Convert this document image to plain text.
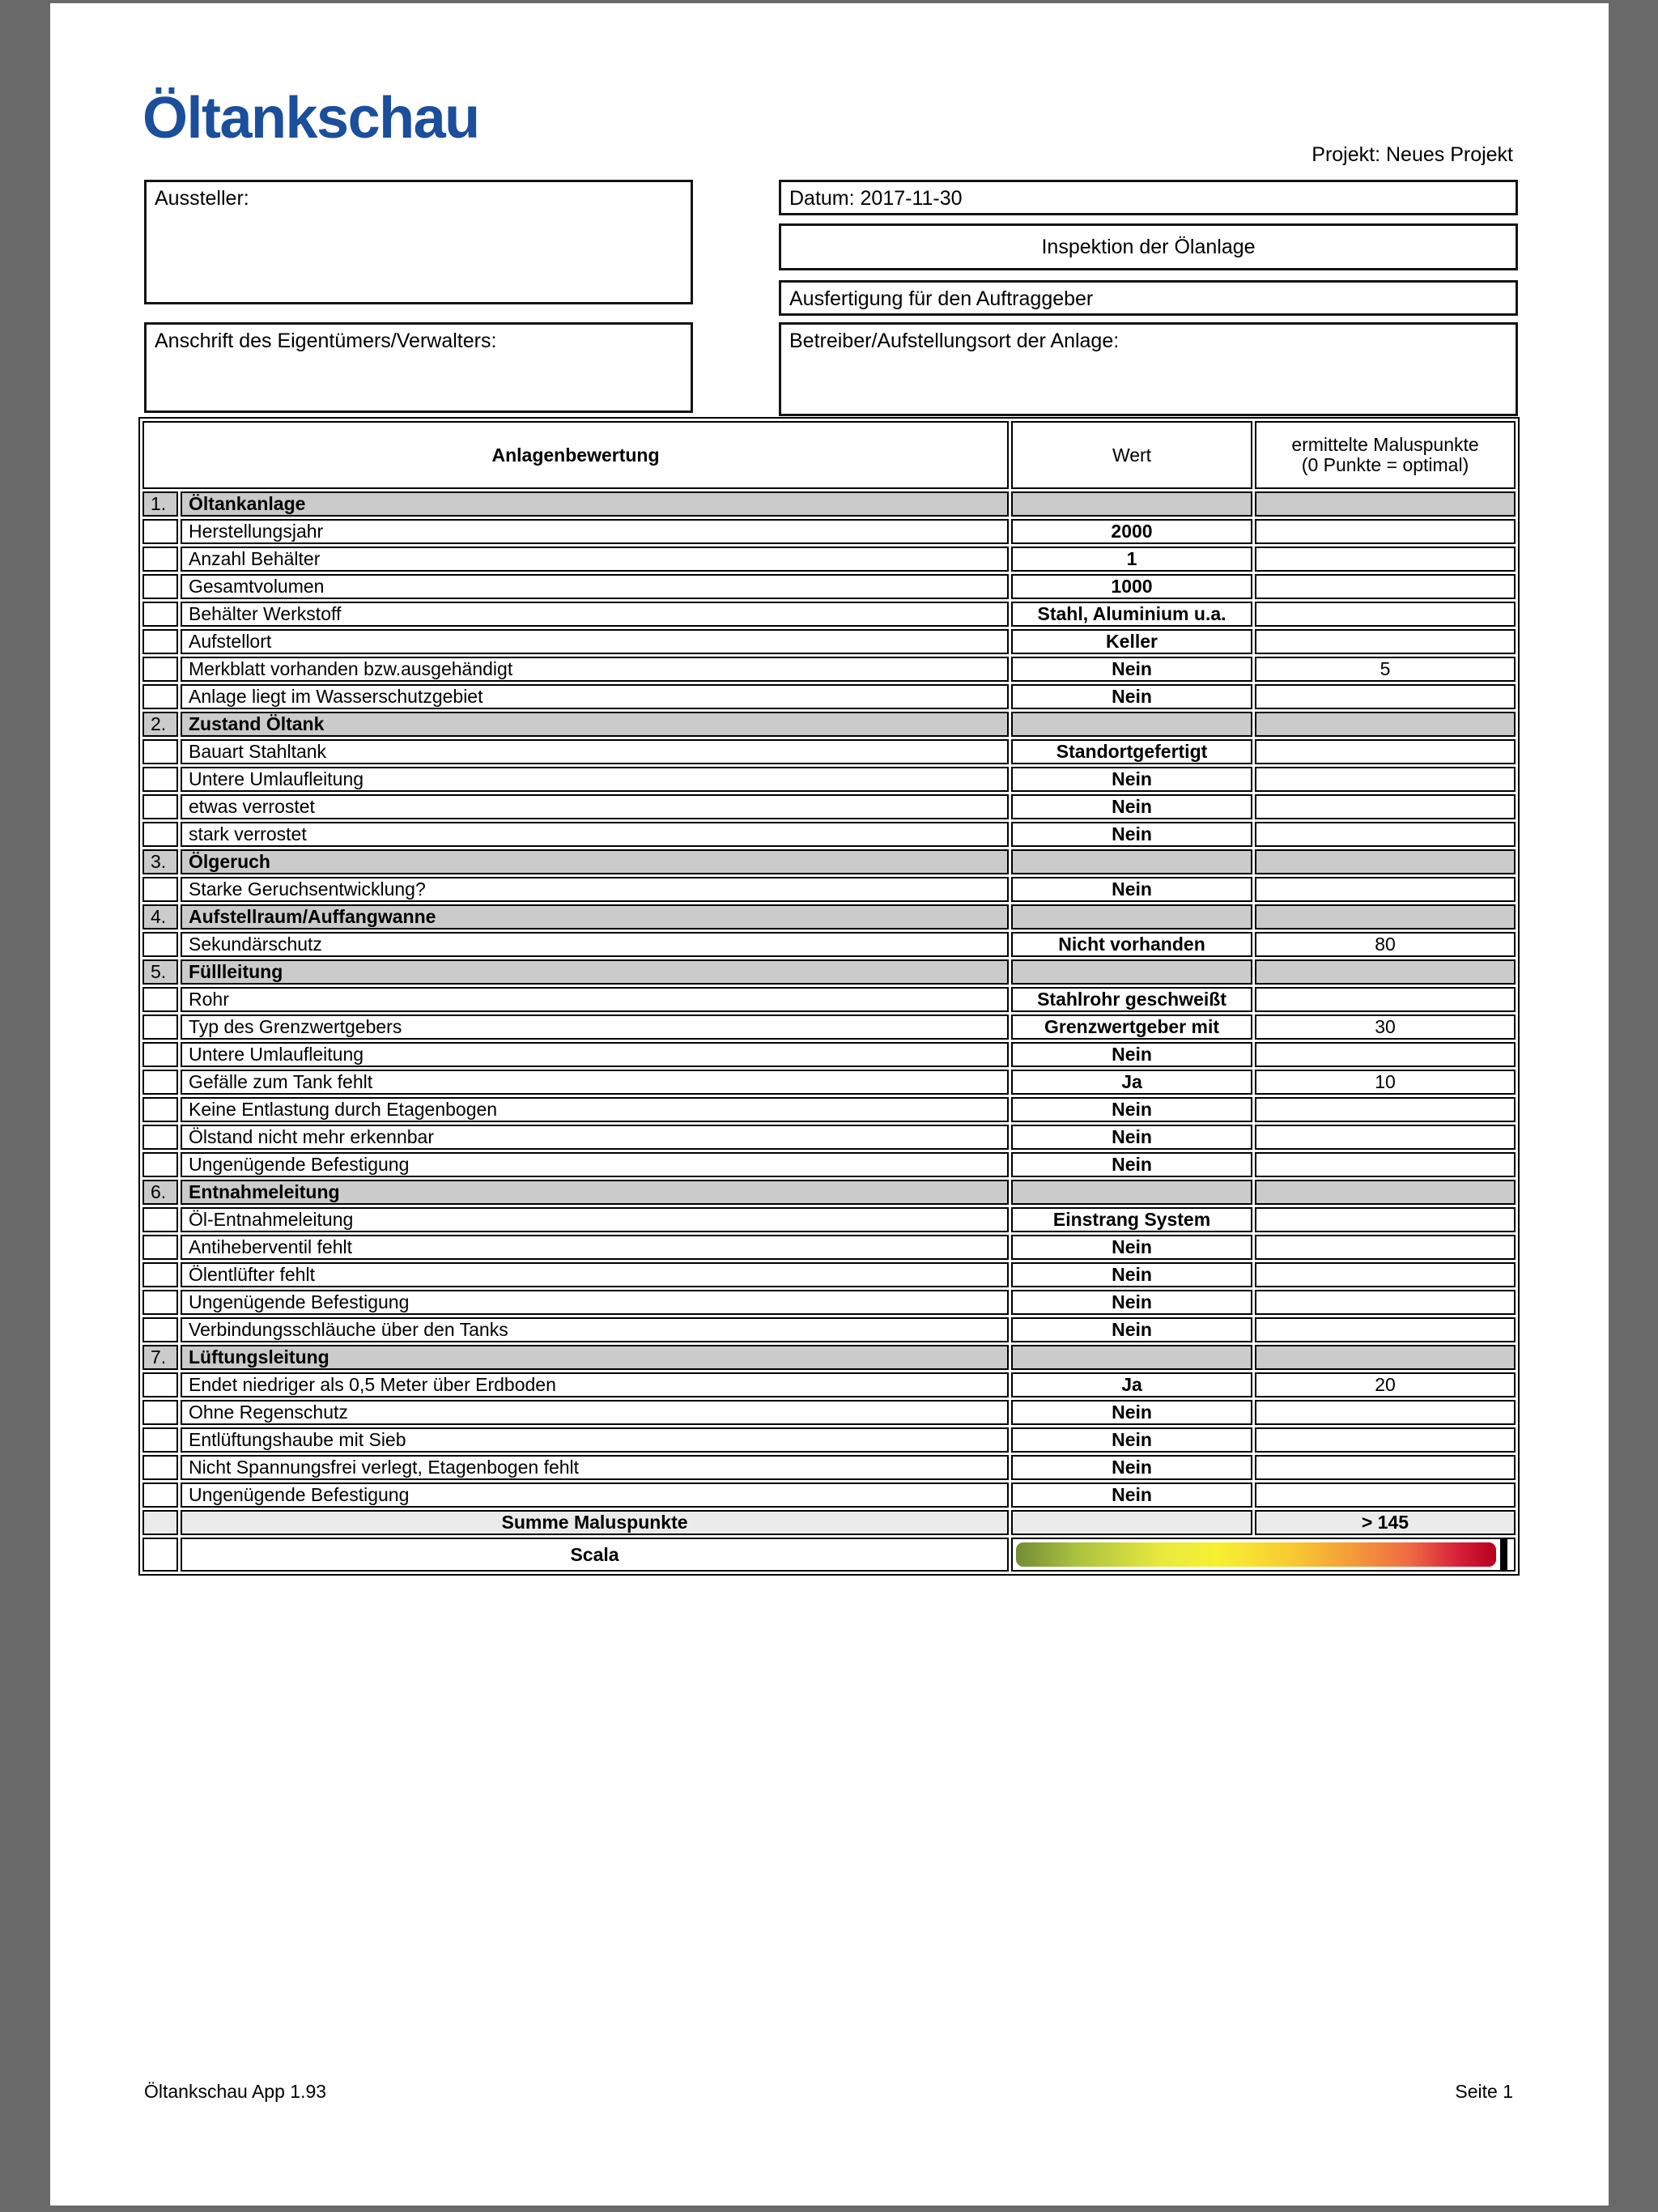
Öltankschau
Projekt: Neues Projekt
Aussteller:	Datum: 2017-11-30
Inspektion der Ölanlage
Ausfertigung für den Auftraggeber
Anschrift des Eigentümers/Verwalters:	Betreiber/Aufstellungsort der Anlage:
Anlagenbewertung		Wert	ermittelte Maluspunkte
(0 Punkte = optimal)

1.	Öltankanlage		
	Herstellungsjahr	2000	
	Anzahl Behälter	1	
	Gesamtvolumen	1000	
	Behälter Werkstoff	Stahl, Aluminium u.a.	
	Aufstellort	Keller	
	Merkblatt vorhanden bzw.ausgehändigt	Nein	5
	Anlage liegt im Wasserschutzgebiet	Nein	
2.	Zustand Öltank		
	Bauart Stahltank	Standortgefertigt	
	Untere Umlaufleitung	Nein	
	etwas verrostet	Nein	
	stark verrostet	Nein	
3.	Ölgeruch		
	Starke Geruchsentwicklung?	Nein	
4.	Aufstellraum/Auffangwanne		
	Sekundärschutz	Nicht vorhanden	80
5.	Füllleitung		
	Rohr	Stahlrohr geschweißt	
	Typ des Grenzwertgebers	Grenzwertgeber mit	30
	Untere Umlaufleitung	Nein	
	Gefälle zum Tank fehlt	Ja	10
	Keine Entlastung durch Etagenbogen	Nein	
	Ölstand nicht mehr erkennbar	Nein	
	Ungenügende Befestigung	Nein	
6.	Entnahmeleitung		
	Öl-Entnahmeleitung	Einstrang System	
	Antiheberventil fehlt	Nein	
	Ölentlüfter fehlt	Nein	
	Ungenügende Befestigung	Nein	
	Verbindungsschläuche über den Tanks	Nein	
7.	Lüftungsleitung		
	Endet niedriger als 0,5 Meter über Erdboden	Ja	20
	Ohne Regenschutz	Nein	
	Entlüftungshaube mit Sieb	Nein	
	Nicht Spannungsfrei verlegt, Etagenbogen fehlt	Nein	
	Ungenügende Befestigung	Nein	
	Summe Maluspunkte		> 145
	Scala		
Öltankschau App 1.93	Seite 1
